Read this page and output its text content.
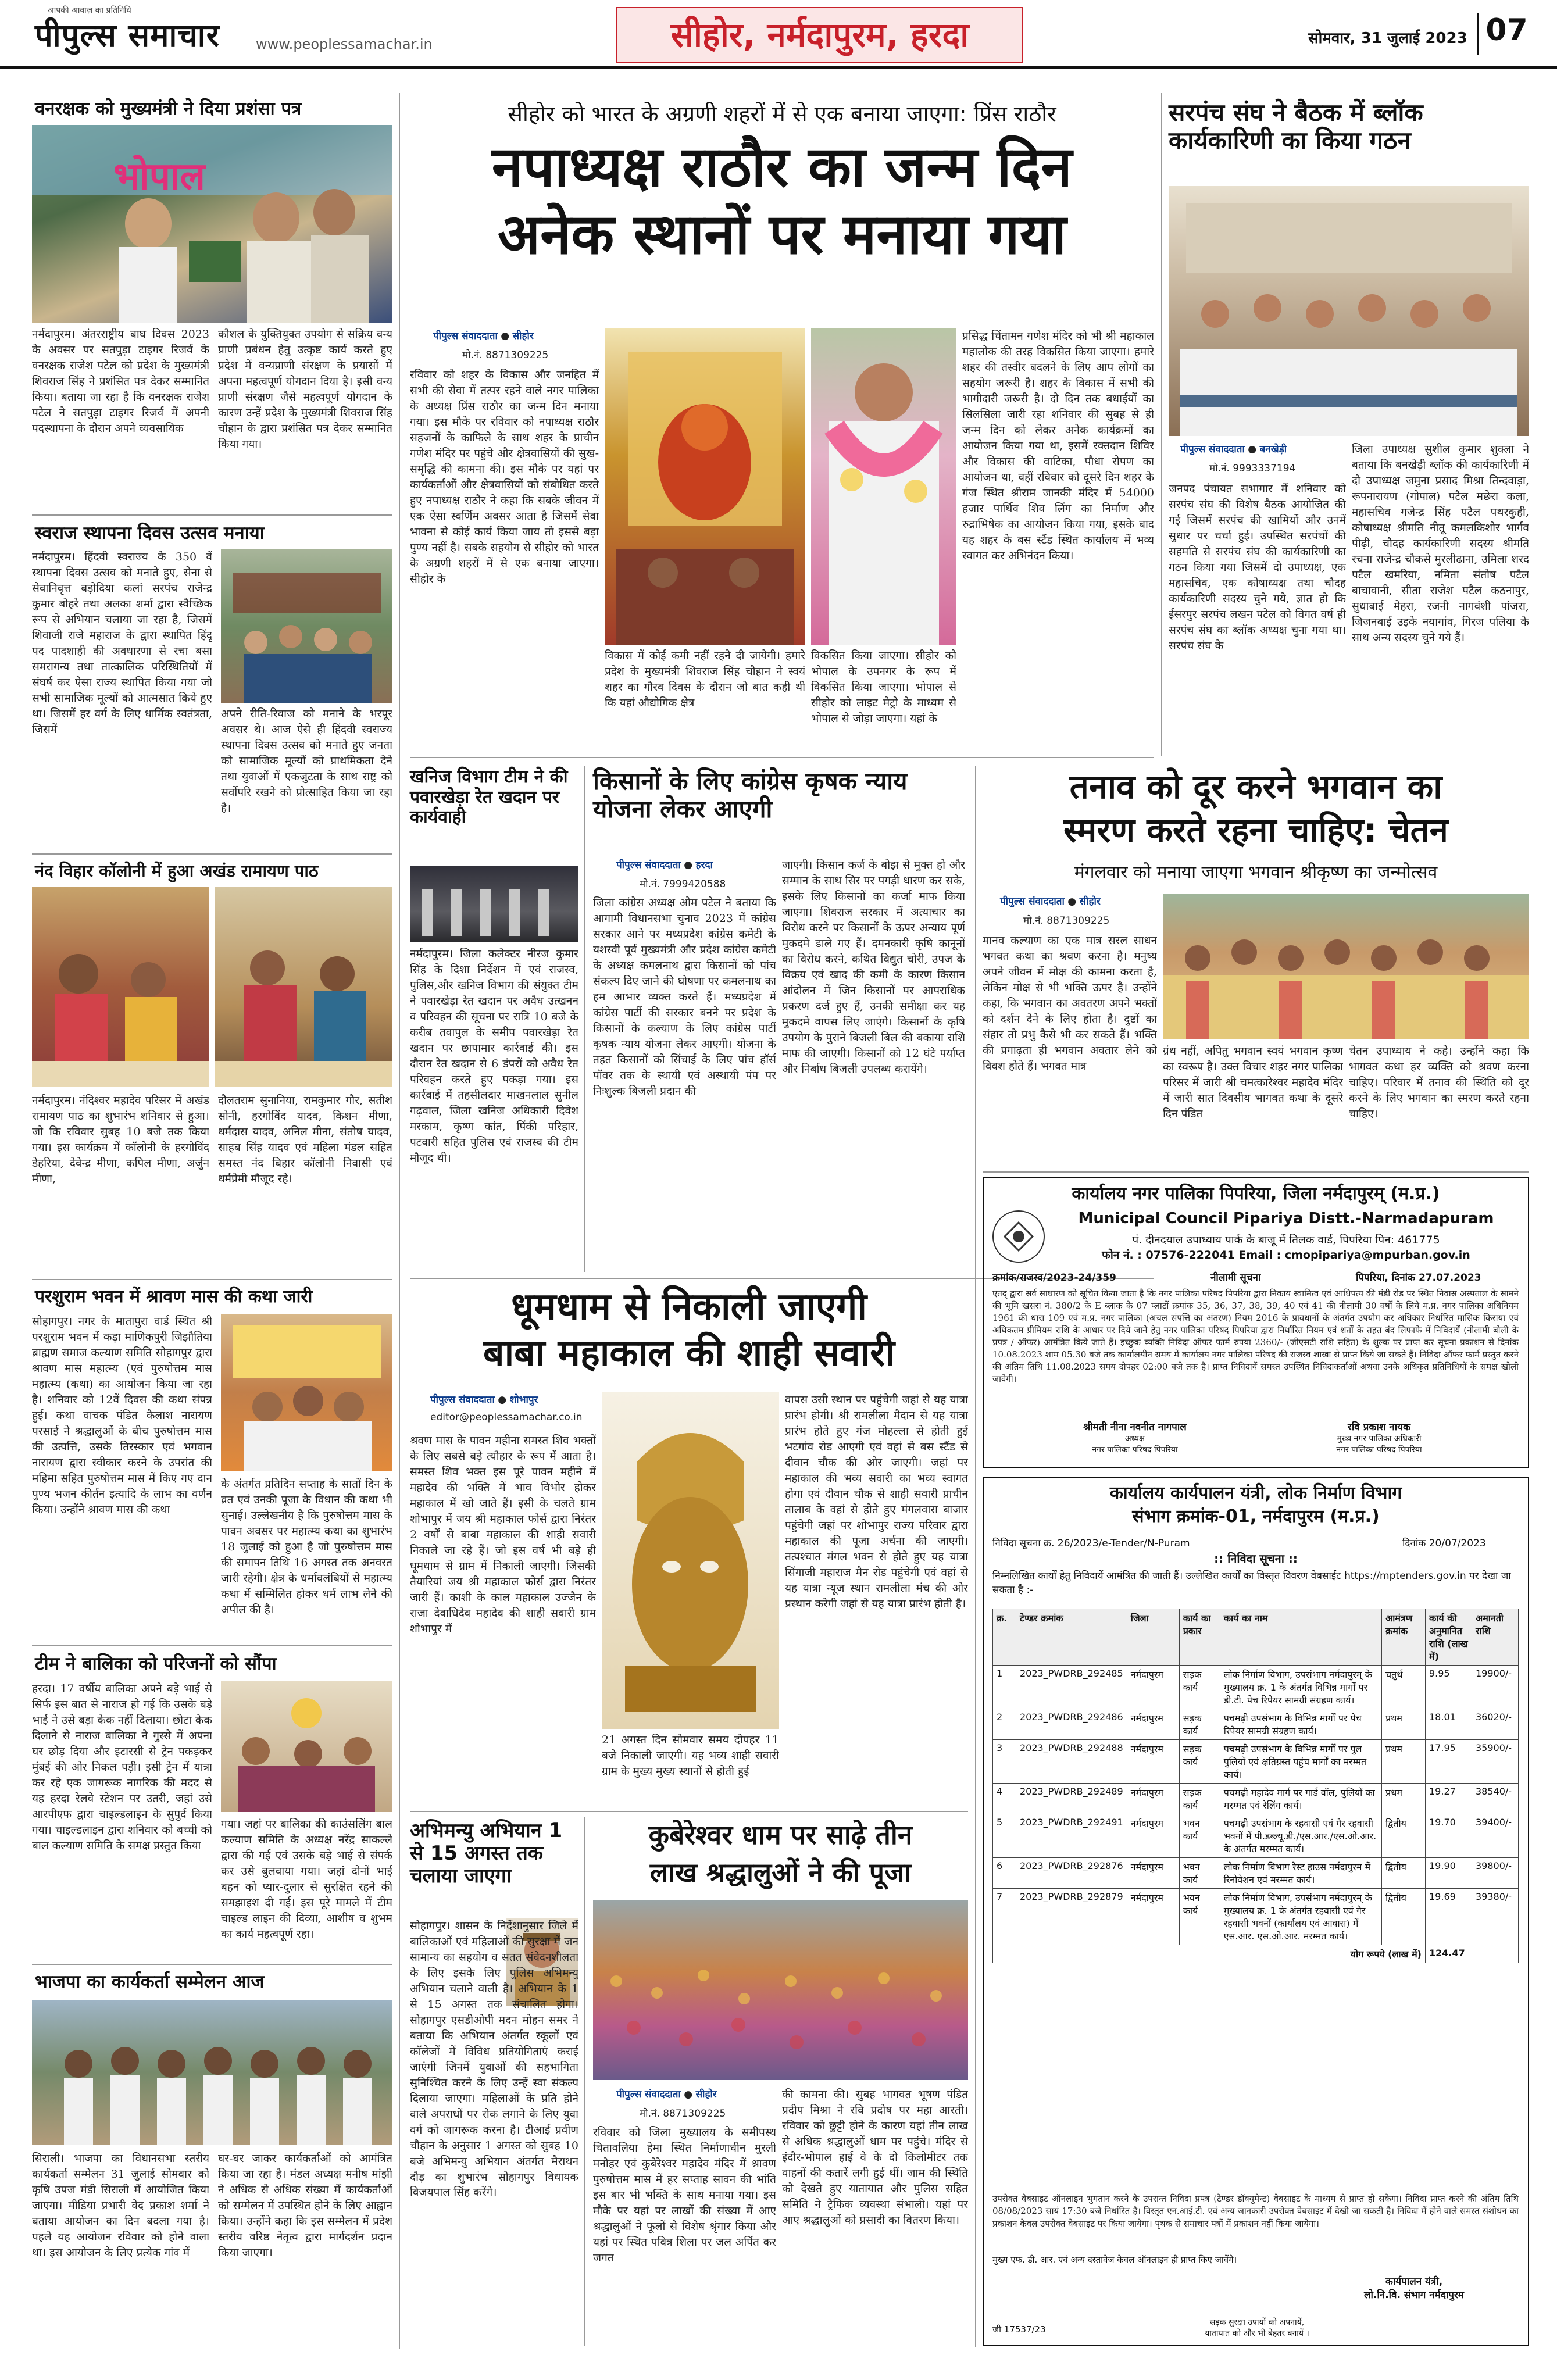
आपकी आवाज़ का प्रतिनिधि
पीपुल्स समाचार	www.peoplessamachar.in	सीहोर, नर्मदापुरम, हरदा	सोमवार, 31 जुलाई 2023 07
वनरक्षक को मुख्यमंत्री ने दिया प्रशंसा पत्र
भोपाल
नर्मदापुरम। अंतरराष्ट्रीय बाघ दिवस 2023 के अवसर पर सतपुड़ा टाइगर रिजर्व के वनरक्षक राजेश पटेल को प्रदेश के मुख्यमंत्री शिवराज सिंह ने प्रशंसित पत्र देकर सम्मानित किया। बताया जा रहा है कि वनरक्षक राजेश पटेल ने सतपुड़ा टाइगर रिजर्व में अपनी पदस्थापना के दौरान अपने व्यवसायिक
कौशल के युक्तियुक्त उपयोग से सक्रिय वन्य प्राणी प्रबंधन हेतु उत्कृष्ट कार्य करते हुए प्रदेश में वन्यप्राणी संरक्षण के प्रयासों में अपना महत्वपूर्ण योगदान दिया है। इसी वन्य प्राणी संरक्षण जैसे महत्वपूर्ण योगदान के कारण उन्हें प्रदेश के मुख्यमंत्री शिवराज सिंह चौहान के द्वारा प्रशंसित पत्र देकर सम्मानित किया गया।
स्वराज स्थापना दिवस उत्सव मनाया
नर्मदापुरम। हिंदवी स्वराज्य के 350 वें स्थापना दिवस उत्सव को मनाते हुए, सेना से सेवानिवृत्त बड़ोदिया कलां सरपंच राजेन्द्र कुमार बोहरे तथा अलका शर्मा द्वारा स्वैच्छिक रूप से अभियान चलाया जा रहा है, जिसमें शिवाजी राजे महाराज के द्वारा स्थापित हिंदू पद पादशाही की अवधारणा से रचा बसा समरागन्य तथा तात्कालिक परिस्थितियों में संघर्ष कर ऐसा राज्य स्थापित किया गया जो सभी सामाजिक मूल्यों को आत्मसात किये हुए था। जिसमें हर वर्ग के लिए धार्मिक स्वतंत्रता, जिसमें
अपने रीति-रिवाज को मनाने के भरपूर अवसर थे। आज ऐसे ही हिंदवी स्वराज्य स्थापना दिवस उत्सव को मनाते हुए जनता को सामाजिक मूल्यों को प्राथमिकता देने तथा युवाओं में एकजुटता के साथ राष्ट्र को सर्वोपरि रखने को प्रोत्साहित किया जा रहा है।
नंद विहार कॉलोनी में हुआ अखंड रामायण पाठ
नर्मदापुरम। नंदिश्वर महादेव परिसर में अखंड रामायण पाठ का शुभारंभ शनिवार से हुआ। जो कि रविवार सुबह 10 बजे तक किया गया। इस कार्यक्रम में कॉलोनी के हरगोविंद डेहरिया, देवेन्द्र मीणा, कपिल मीणा, अर्जुन मीणा,
दौलतराम सुनानिया, रामकुमार गौर, सतीश सोनी, हरगोविंद यादव, किशन मीणा, धर्मदास यादव, अनिल मीना, संतोष यादव, साहब सिंह यादव एवं महिला मंडल सहित समस्त नंद बिहार कॉलोनी निवासी एवं धर्मप्रेमी मौजूद रहे।
परशुराम भवन में श्रावण मास की कथा जारी
सोहागपुर। नगर के मातापुरा वार्ड स्थित श्री परशुराम भवन में कड़ा माणिकपुरी जिझौतिया ब्राह्मण समाज कल्याण समिति सोहागपुर द्वारा श्रावण मास महात्म्य (एवं पुरुषोत्तम मास महात्म्य (कथा) का आयोजन किया जा रहा है। शनिवार को 12वें दिवस की कथा संपन्न हुई। कथा वाचक पंडित कैलाश नारायण परसाई ने श्रद्धालुओं के बीच पुरुषोत्तम मास की उत्पत्ति, उसके तिरस्कार एवं भगवान नारायण द्वारा स्वीकार करने के उपरांत की महिमा सहित पुरुषोत्तम मास में किए गए दान पुण्य भजन कीर्तन इत्यादि के लाभ का वर्णन किया। उन्होंने श्रावण मास की कथा
के अंतर्गत प्रतिदिन सप्ताह के सातों दिन के व्रत एवं उनकी पूजा के विधान की कथा भी सुनाई। उल्लेखनीय है कि पुरुषोत्तम मास के पावन अवसर पर महात्म्य कथा का शुभारंभ 18 जुलाई को हुआ है जो पुरुषोत्तम मास की समापन तिथि 16 अगस्त तक अनवरत जारी रहेगी। क्षेत्र के धर्मावलंबियों से महात्म्य कथा में सम्मिलित होकर धर्म लाभ लेने की अपील की है।
टीम ने बालिका को परिजनों को सौंपा
हरदा। 17 वर्षीय बालिका अपने बड़े भाई से सिर्फ इस बात से नाराज हो गई कि उसके बड़े भाई ने उसे बड़ा केक नहीं दिलाया। छोटा केक दिलाने से नाराज बालिका ने गुस्से में अपना घर छोड़ दिया और इटारसी से ट्रेन पकड़कर मुंबई की ओर निकल पड़ी। इसी ट्रेन में यात्रा कर रहे एक जागरूक नागरिक की मदद से यह हरदा रेलवे स्टेशन पर उतरी, जहां उसे आरपीएफ द्वारा चाइल्डलाइन के सुपुर्द किया गया। चाइल्डलाइन द्वारा शनिवार को बच्ची को बाल कल्याण समिति के समक्ष प्रस्तुत किया
गया। जहां पर बालिका की काउंसलिंग बाल कल्याण समिति के अध्यक्ष नरेंद्र साकल्ले द्वारा की गई एवं उसके बड़े भाई से संपर्क कर उसे बुलवाया गया। जहां दोनों भाई बहन को प्यार-दुलार से सुरक्षित रहने की समझाइश दी गई। इस पूरे मामले में टीम चाइल्ड लाइन की दिव्या, आशीष व शुभम का कार्य महत्वपूर्ण रहा।
भाजपा का कार्यकर्ता सम्मेलन आज
सिराली। भाजपा का विधानसभा स्तरीय कार्यकर्ता सम्मेलन 31 जुलाई सोमवार को कृषि उपज मंडी सिराली में आयोजित किया जाएगा। मीडिया प्रभारी वेद प्रकाश शर्मा ने बताया आयोजन का दिन बदला गया है। पहले यह आयोजन रविवार को होने वाला था। इस आयोजन के लिए प्रत्येक गांव में
घर-घर जाकर कार्यकर्ताओं को आमंत्रित किया जा रहा है। मंडल अध्यक्ष मनीष मांझी ने अधिक से अधिक संख्या में कार्यकर्ताओं को सम्मेलन में उपस्थित होने के लिए आह्वान किया। उन्होंने कहा कि इस सम्मेलन में प्रदेश स्तरीय वरिष्ठ नेतृत्व द्वारा मार्गदर्शन प्रदान किया जाएगा।
सीहोर को भारत के अग्रणी शहरों में से एक बनाया जाएगा: प्रिंस राठौर
नपाध्यक्ष राठौर का जन्म दिन
अनेक स्थानों पर मनाया गया
पीपुल्स संवाददाता ● सीहोर
मो.नं. 8871309225
रविवार को शहर के विकास और जनहित में सभी की सेवा में तत्पर रहने वाले नगर पालिका के अध्यक्ष प्रिंस राठौर का जन्म दिन मनाया गया। इस मौके पर रविवार को नपाध्यक्ष राठौर सहजनों के काफिले के साथ शहर के प्राचीन गणेश मंदिर पर पहुंचे और क्षेत्रवासियों की सुख-समृद्धि की कामना की। इस मौके पर यहां पर कार्यकर्ताओं और क्षेत्रवासियों को संबोधित करते हुए नपाध्यक्ष राठौर ने कहा कि सबके जीवन में एक ऐसा स्वर्णिम अवसर आता है जिसमें सेवा भावना से कोई कार्य किया जाय तो इससे बड़ा पुण्य नहीं है। सबके सहयोग से सीहोर को भारत के अग्रणी शहरों में से एक बनाया जाएगा। सीहोर के
विकास में कोई कमी नहीं रहने दी जायेगी। हमारे प्रदेश के मुख्यमंत्री शिवराज सिंह चौहान ने स्वयं शहर का गौरव दिवस के दौरान जो बात कही थी कि यहां औद्योगिक क्षेत्र
विकसित किया जाएगा। सीहोर को भोपाल के उपनगर के रूप में विकसित किया जाएगा। भोपाल से सीहोर को लाइट मेट्रो के माध्यम से भोपाल से जोड़ा जाएगा। यहां के
प्रसिद्ध चिंतामन गणेश मंदिर को भी श्री महाकाल महालोक की तरह विकसित किया जाएगा। हमारे शहर की तस्वीर बदलने के लिए आप लोगों का सहयोग जरूरी है। शहर के विकास में सभी की भागीदारी जरूरी है। दो दिन तक बधाईयों का सिलसिला जारी रहा शनिवार की सुबह से ही जन्म दिन को लेकर अनेक कार्यक्रमों का आयोजन किया गया था, इसमें रक्तदान शिविर और विकास की वाटिका, पौधा रोपण का आयोजन था, वहीं रविवार को दूसरे दिन शहर के गंज स्थित श्रीराम जानकी मंदिर में 54000 हजार पार्थिव शिव लिंग का निर्माण और रुद्राभिषेक का आयोजन किया गया, इसके बाद यह शहर के बस स्टैंड स्थित कार्यालय में भव्य स्वागत कर अभिनंदन किया।
खनिज विभाग टीम ने की पवारखेड़ा रेत खदान पर कार्यवाही
नर्मदापुरम। जिला कलेक्टर नीरज कुमार सिंह के दिशा निर्देशन में एवं राजस्व, पुलिस,और खनिज विभाग की संयुक्त टीम ने पवारखेड़ा रेत खदान पर अवैध उत्खनन व परिवहन की सूचना पर रात्रि 10 बजे के करीब तवापुल के समीप पवारखेड़ा रेत खदान पर छापामार कार्रवाई की। इस दौरान रेत खदान से 6 डंपरों को अवैध रेत परिवहन करते हुए पकड़ा गया। इस कार्रवाई में तहसीलदार माखनलाल सुनील गढ़वाल, जिला खनिज अधिकारी दिवेश मरकाम, कृष्ण कांत, पिंकी परिहार, पटवारी सहित पुलिस एवं राजस्व की टीम मौजूद थी।
किसानों के लिए कांग्रेस कृषक न्याय योजना लेकर आएगी
पीपुल्स संवाददाता ● हरदा
मो.नं. 7999420588
जिला कांग्रेस अध्यक्ष ओम पटेल ने बताया कि आगामी विधानसभा चुनाव 2023 में कांग्रेस सरकार आने पर मध्यप्रदेश कांग्रेस कमेटी के यशस्वी पूर्व मुख्यमंत्री और प्रदेश कांग्रेस कमेटी के अध्यक्ष कमलनाथ द्वारा किसानों को पांच संकल्प दिए जाने की घोषणा पर कमलनाथ का हम आभार व्यक्त करते हैं। मध्यप्रदेश में कांग्रेस पार्टी की सरकार बनने पर प्रदेश के किसानों के कल्याण के लिए कांग्रेस पार्टी कृषक न्याय योजना लेकर आएगी। योजना के तहत किसानों को सिंचाई के लिए पांच हॉर्स पॉवर तक के स्थायी एवं अस्थायी पंप पर निःशुल्क बिजली प्रदान की
जाएगी। किसान कर्ज के बोझ से मुक्त हो और सम्मान के साथ सिर पर पगड़ी धारण कर सके, इसके लिए किसानों का कर्जा माफ किया जाएगा। शिवराज सरकार में अत्याचार का विरोध करने पर किसानों के ऊपर अन्याय पूर्ण मुकदमे डाले गए हैं। दमनकारी कृषि कानूनों का विरोध करने, कथित विद्युत चोरी, उपज के विक्रय एवं खाद की कमी के कारण किसान आंदोलन में जिन किसानों पर आपराधिक प्रकरण दर्ज हुए हैं, उनकी समीक्षा कर यह मुकदमे वापस लिए जाएंगे। किसानों के कृषि उपयोग के पुराने बिजली बिल की बकाया राशि माफ की जाएगी। किसानों को 12 घंटे पर्याप्त और निर्बाध बिजली उपलब्ध करायेंगे।
धूमधाम से निकाली जाएगी
बाबा महाकाल की शाही सवारी
पीपुल्स संवाददाता ● शोभापुर
editor@peoplessamachar.co.in
श्रवण मास के पावन महीना समस्त शिव भक्तों के लिए सबसे बड़े त्यौहार के रूप में आता है। समस्त शिव भक्त इस पूरे पावन महीने में महादेव की भक्ति में भाव विभोर होकर महाकाल में खो जाते हैं। इसी के चलते ग्राम शोभापुर में जय श्री महाकाल फोर्स द्वारा निरंतर 2 वर्षों से बाबा महाकाल की शाही सवारी निकाले जा रहे हैं। जो इस वर्ष भी बड़े ही धूमधाम से ग्राम में निकाली जाएगी। जिसकी तैयारियां जय श्री महाकाल फोर्स द्वारा निरंतर जारी हैं। काशी के काल महाकाल उज्जैन के राजा देवाधिदेव महादेव की शाही सवारी ग्राम शोभापुर में
21 अगस्त दिन सोमवार समय दोपहर 11 बजे निकाली जाएगी। यह भव्य शाही सवारी ग्राम के मुख्य मुख्य स्थानों से होती हुई
वापस उसी स्थान पर पहुंचेगी जहां से यह यात्रा प्रारंभ होगी। श्री रामलीला मैदान से यह यात्रा प्रारंभ होते हुए गंज मोहल्ला से होती हुई भटगांव रोड आएगी एवं वहां से बस स्टैंड से दीवान चौक की ओर जाएगी। जहां पर महाकाल की भव्य सवारी का भव्य स्वागत होगा एवं दीवान चौक से शाही सवारी प्राचीन तालाब के वहां से होते हुए मंगलवारा बाजार पहुंचेगी जहां पर शोभापुर राज्य परिवार द्वारा महाकाल की पूजा अर्चना की जाएगी। तत्पश्चात मंगल भवन से होते हुए यह यात्रा सिंगाजी महाराज मैन रोड पहुंचेगी एवं वहां से यह यात्रा न्यूज स्थान रामलीला मंच की ओर प्रस्थान करेगी जहां से यह यात्रा प्रारंभ होती है।
अभिमन्यु अभियान 1 से 15 अगस्त तक चलाया जाएगा
सोहागपुर। शासन के निर्देशानुसार जिले में बालिकाओं एवं महिलाओं की सुरक्षा में जन सामान्य का सहयोग व सतत संवेदनशीलता के लिए इसके लिए पुलिस अभिमन्यु अभियान चलाने वाली है। अभियान के 1 से 15 अगस्त तक संचालित होगा। सोहागपुर एसडीओपी मदन मोहन समर ने बताया कि अभियान अंतर्गत स्कूलों एवं कॉलेजों में विविध प्रतियोगिताएं कराई जाएंगी जिनमें युवाओं की सहभागिता सुनिश्चित करने के लिए उन्हें स्वा संकल्प दिलाया जाएगा। महिलाओं के प्रति होने वाले अपराधों पर रोक लगाने के लिए युवा वर्ग को जागरूक करना है। टीआई प्रवीण चौहान के अनुसार 1 अगस्त को सुबह 10 बजे अभिमन्यु अभियान अंतर्गत मैराथन दौड़ का शुभारंभ सोहागपुर विधायक विजयपाल सिंह करेंगे।
कुबेरेश्वर धाम पर साढ़े तीन
लाख श्रद्धालुओं ने की पूजा
पीपुल्स संवाददाता ● सीहोर
मो.नं. 8871309225
रविवार को जिला मुख्यालय के समीपस्थ चितावलिया हेमा स्थित निर्माणाधीन मुरली मनोहर एवं कुबेरेश्वर महादेव मंदिर में श्रावण पुरुषोत्तम मास में हर सप्ताह सावन की भांति इस बार भी भक्ति के साथ मनाया गया। इस मौके पर यहां पर लाखों की संख्या में आए श्रद्धालुओं ने फूलों से विशेष श्रृंगार किया और यहां पर स्थित पवित्र शिला पर जल अर्पित कर जगत
की कामना की। सुबह भागवत भूषण पंडित प्रदीप मिश्रा ने रवि प्रदोष पर महा आरती। रविवार को छुट्टी होने के कारण यहां तीन लाख से अधिक श्रद्धालुओं धाम पर पहुंचे। मंदिर से इंदौर-भोपाल हाई वे के दो किलोमीटर तक वाहनों की कतारें लगी हुई थीं। जाम की स्थिति को देखते हुए यातायात और पुलिस सहित समिति ने ट्रैफिक व्यवस्था संभाली। यहां पर आए श्रद्धालुओं को प्रसादी का वितरण किया।
सरपंच संघ ने बैठक में ब्लॉक कार्यकारिणी का किया गठन
पीपुल्स संवाददाता ● बनखेड़ी
मो.नं. 9993337194
जनपद पंचायत सभागार में शनिवार को सरपंच संघ की विशेष बैठक आयोजित की गई जिसमें सरपंच की खामियों और उनमें सुधार पर चर्चा हुई। उपस्थित सरपंचों की सहमति से सरपंच संघ की कार्यकारिणी का गठन किया गया जिसमें दो उपाध्यक्ष, एक महासचिव, एक कोषाध्यक्ष तथा चौदह कार्यकारिणी सदस्य चुने गये, ज्ञात हो कि ईसरपुर सरपंच लखन पटेल को विगत वर्ष ही सरपंच संघ का ब्लॉक अध्यक्ष चुना गया था। सरपंच संघ के
जिला उपाध्यक्ष सुशील कुमार शुक्ला ने बताया कि बनखेड़ी ब्लॉक की कार्यकारिणी में दो उपाध्यक्ष जमुना प्रसाद मिश्रा तिन्दवाड़ा, रूपनारायण (गोपाल) पटैल मछेरा कला, महासचिव गजेन्द्र सिंह पटैल पथरकुही, कोषाध्यक्ष श्रीमति नीतू कमलकिशोर भार्गव पीढ़ी, चौदह कार्यकारिणी सदस्य श्रीमति रचना राजेन्द्र चौकसे मुरलीढाना, उमिला शरद पटैल खमरिया, नमिता संतोष पटैल बाचावानी, सीता राजेश पटैल कठनापुर, सुधाबाई मेहरा, रजनी नागवंशी पांजरा, जिजनबाई उइके नयागांव, गिरज पलिया के साथ अन्य सदस्य चुने गये हैं।
तनाव को दूर करने भगवान का
स्मरण करते रहना चाहिए: चेतन
मंगलवार को मनाया जाएगा भगवान श्रीकृष्ण का जन्मोत्सव
पीपुल्स संवाददाता ● सीहोर
मो.नं. 8871309225
मानव कल्याण का एक मात्र सरल साधन भगवत कथा का श्रवण करना है। मनुष्य अपने जीवन में मोक्ष की कामना करता है, लेकिन मोक्ष से भी भक्ति ऊपर है। उन्होंने कहा, कि भगवान का अवतरण अपने भक्तों को दर्शन देने के लिए होता है। दुष्टों का संहार तो प्रभु कैसे भी कर सकते हैं। भक्ति की प्रगाढ़ता ही भगवान अवतार लेने को विवश होते हैं। भगवत मात्र
ग्रंथ नहीं, अपितु भगवान स्वयं भगवान कृष्ण का स्वरूप है। उक्त विचार शहर नगर पालिका परिसर में जारी श्री चमत्कारेश्वर महादेव मंदिर में जारी सात दिवसीय भागवत कथा के दूसरे दिन पंडित
चेतन उपाध्याय ने कहे। उन्होंने कहा कि भागवत कथा हर व्यक्ति को श्रवण करना चाहिए। परिवार में तनाव की स्थिति को दूर करने के लिए भगवान का स्मरण करते रहना चाहिए।
कार्यालय नगर पालिका पिपरिया, जिला नर्मदापुरम् (म.प्र.)
Municipal Council Pipariya Distt.-Narmadapuram
पं. दीनदयाल उपाध्याय पार्क के बाजू में तिलक वार्ड, पिपरिया पिन: 461775
फोन नं. : 07576-222041 Email : cmopipariya@mpurban.gov.in
क्रमांक/राजस्व/2023-24/359	नीलामी सूचना	पिपरिया, दिनांक 27.07.2023
एतद् द्वारा सर्व साधारण को सूचित किया जाता है कि नगर पालिका परिषद पिपरिया द्वारा निकाय स्वामित्व एवं आधिपत्य की मंडी रोड पर स्थित निवास अस्पताल के सामने की भूमि खसरा नं. 380/2 के E ब्लाक के 07 प्लाटों क्रमांक 35, 36, 37, 38, 39, 40 एवं 41 की नीलामी 30 वर्षों के लिये म.प्र. नगर पालिका अधिनियम 1961 की धारा 109 एवं म.प्र. नगर पालिका (अचल संपत्ति का अंतरण) नियम 2016 के प्रावधानों के अंतर्गत उपयोग कर अधिकार निर्धारित मासिक किराया एवं अधिकतम प्रीमियम राशि के आधार पर दिये जाने हेतु नगर पालिका परिषद पिपरिया द्वारा निर्धारित नियम एवं शर्तों के तहत बंद लिफाफे में निविदायें (नीलामी बोली के प्रपत्र / ऑफर) आमंत्रित किये जाते हैं। इच्छुक व्यक्ति निविदा ऑफर फार्म रुपया 2360/- (जीएसटी राशि सहित) के शुल्क पर प्राप्त कर सूचना प्रकाशन से दिनांक 10.08.2023 शाम 05.30 बजे तक कार्यालयीन समय में कार्यालय नगर पालिका परिषद की राजस्व शाखा से प्राप्त किये जा सकते हैं। निविदा ऑफर फार्म प्रस्तुत करने की अंतिम तिथि 11.08.2023 समय दोपहर 02:00 बजे तक है। प्राप्त निविदायें समस्त उपस्थित निविदाकर्ताओं अथवा उनके अधिकृत प्रतिनिधियों के समक्ष खोली जावेगी।
श्रीमती नीना नवनीत नागपाल
अध्यक्ष
नगर पालिका परिषद पिपरिया
रवि प्रकाश नायक
मुख्य नगर पालिका अधिकारी
नगर पालिका परिषद पिपरिया
कार्यालय कार्यपालन यंत्री, लोक निर्माण विभाग
संभाग क्रमांक-01, नर्मदापुरम (म.प्र.)
निविदा सूचना क्र. 26/2023/e-Tender/N-Puram	दिनांक 20/07/2023
:: निविदा सूचना ::
निम्नलिखित कार्यों हेतु निविदायें आमंत्रित की जाती हैं। उल्लेखित कार्यों का विस्तृत विवरण वेबसाईट https://mptenders.gov.in पर देखा जा सकता है :-
क्र.	टेण्डर क्रमांक	जिला	कार्य का प्रकार	कार्य का नाम	आमंत्रण क्रमांक	कार्य की अनुमानित राशि (लाख में)	अमानती राशि
1	2023_PWDRB_292485	नर्मदापुरम	सड़क कार्य	लोक निर्माण विभाग, उपसंभाग नर्मदापुरम् के मुख्यालय क्र. 1 के अंतर्गत विभिन्न मार्गों पर डी.टी. पेच रिपेयर सामग्री संग्रहण कार्य।	चतुर्थ	9.95	19900/-
2	2023_PWDRB_292486	नर्मदापुरम	सड़क कार्य	पचमढ़ी उपसंभाग के विभिन्न मार्गों पर पेच रिपेयर सामग्री संग्रहण कार्य।	प्रथम	18.01	36020/-
3	2023_PWDRB_292488	नर्मदापुरम	सड़क कार्य	पचमढ़ी उपसंभाग के विभिन्न मार्गों पर पुल पुलियों एवं क्षतिग्रस्त पहुंच मार्गों का मरम्मत कार्य।	प्रथम	17.95	35900/-
4	2023_PWDRB_292489	नर्मदापुरम	सड़क कार्य	पचमढ़ी महादेव मार्ग पर गार्ड वॉल, पुलियों का मरम्मत एवं रेलिंग कार्य।	प्रथम	19.27	38540/-
5	2023_PWDRB_292491	नर्मदापुरम	भवन कार्य	पचमढ़ी उपसंभाग के रहवासी एवं गैर रहवासी भवनों में पी.डब्ल्यू.डी./एस.आर./एस.ओ.आर. के अंतर्गत मरम्मत कार्य।	द्वितीय	19.70	39400/-
6	2023_PWDRB_292876	नर्मदापुरम	भवन कार्य	लोक निर्माण विभाग रेस्ट हाउस नर्मदापुरम में रिनोवेशन एवं मरम्मत कार्य।	द्वितीय	19.90	39800/-
7	2023_PWDRB_292879	नर्मदापुरम	भवन कार्य	लोक निर्माण विभाग, उपसंभाग नर्मदापुरम् के मुख्यालय क्र. 1 के अंतर्गत रहवासी एवं गैर रहवासी भवनों (कार्यालय एवं आवास) में एस.आर. एस.ओ.आर. मरम्मत कार्य।	द्वितीय	19.69	39380/-
योग रूपये (लाख में)						124.47	
उपरोक्त वेबसाइट ऑनलाइन भुगतान करने के उपरान्त निविदा प्रपत्र (टेण्डर डॉक्यूमेन्ट) वेबसाइट के माध्यम से प्राप्त हो सकेगा। निविदा प्राप्त करने की अंतिम तिथि 08/08/2023 सायं 17:30 बजे निर्धारित है। विस्तृत एन.आई.टी. एवं अन्य जानकारी उपरोक्त वेबसाइट में देखी जा सकती है। निविदा में होने वाले समस्त संशोधन का प्रकाशन केवल उपरोक्त वेबसाइट पर किया जायेगा। पृथक से समाचार पत्रों में प्रकाशन नहीं किया जायेगा।
मुख्य एफ. डी. आर. एवं अन्य दस्तावेज केवल ऑनलाइन ही प्राप्त किए जावेंगे।
कार्यपालन यंत्री,
लो.नि.वि. संभाग नर्मदापुरम
जी 17537/23
सड़क सुरक्षा उपायों को अपनायें,
यातायात को और भी बेहतर बनायें ।
